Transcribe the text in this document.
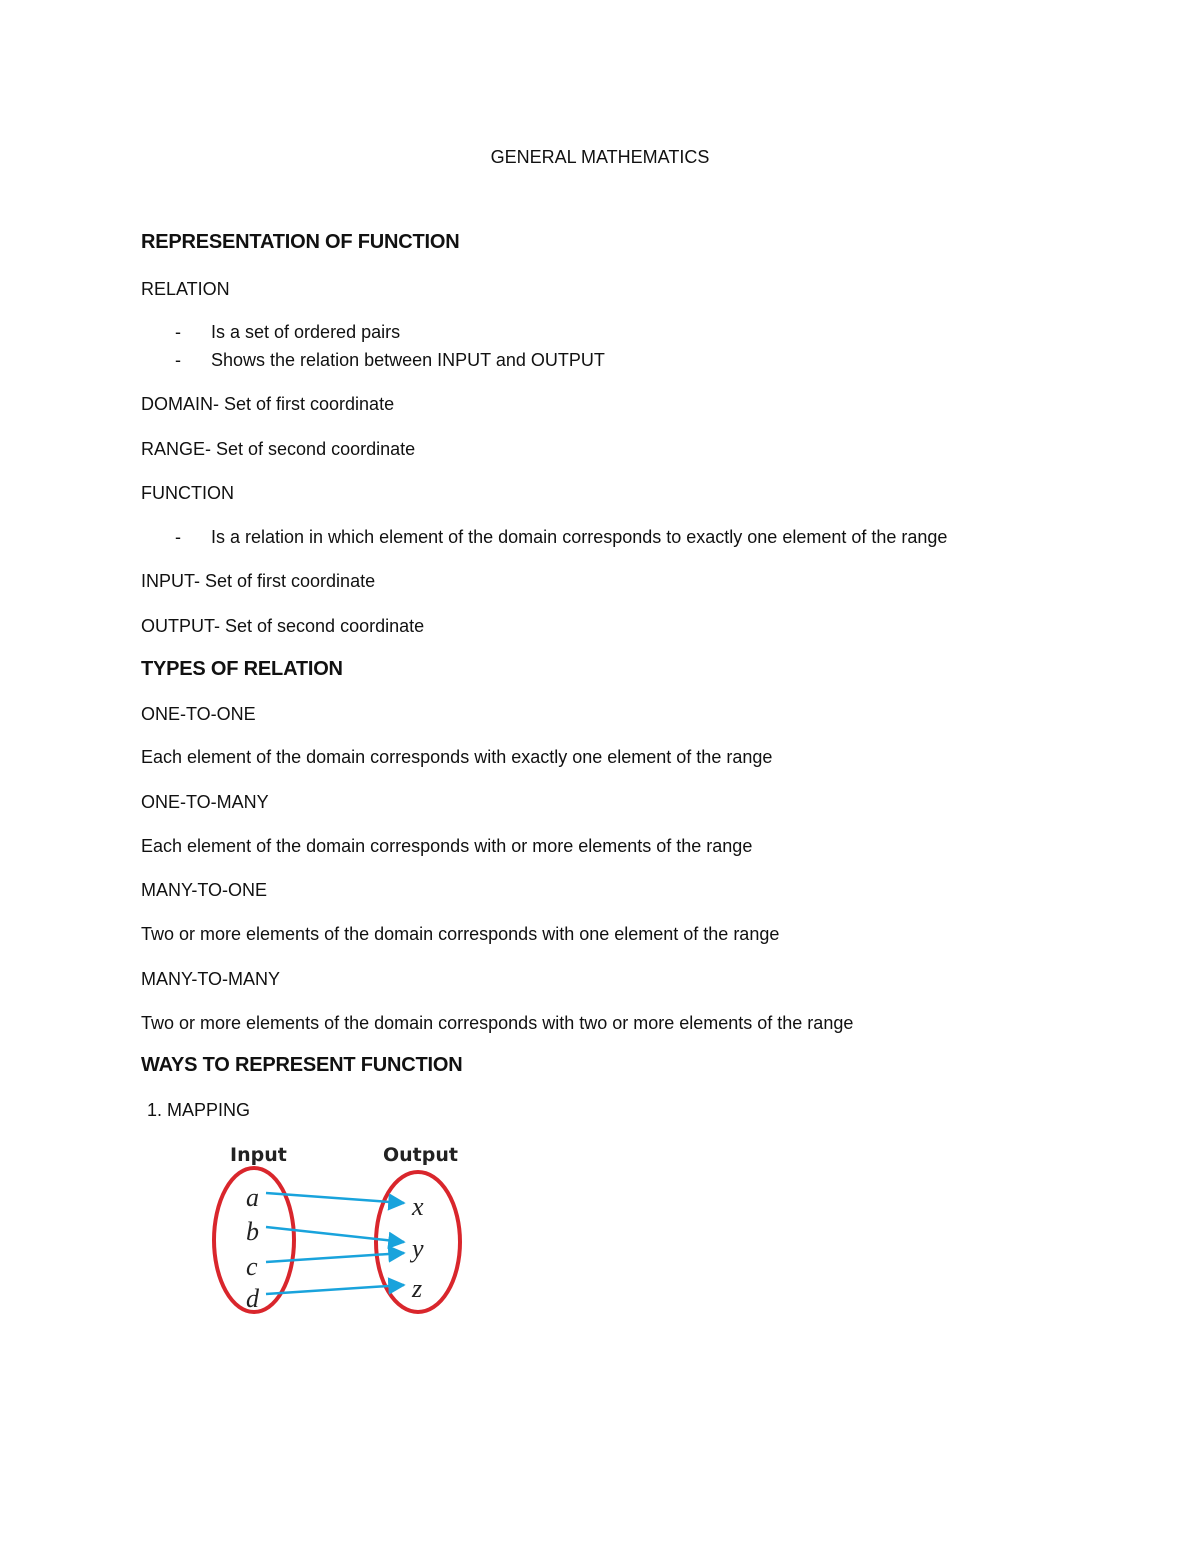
GENERAL MATHEMATICS
REPRESENTATION OF FUNCTION
RELATION
- Is a set of ordered pairs
- Shows the relation between INPUT and OUTPUT
DOMAIN- Set of first coordinate
RANGE- Set of second coordinate
FUNCTION
- Is a relation in which element of the domain corresponds to exactly one element of the range
INPUT- Set of first coordinate
OUTPUT- Set of second coordinate
TYPES OF RELATION
ONE-TO-ONE
Each element of the domain corresponds with exactly one element of the range
ONE-TO-MANY
Each element of the domain corresponds with or more elements of the range
MANY-TO-ONE
Two or more elements of the domain corresponds with one element of the range
MANY-TO-MANY
Two or more elements of the domain corresponds with two or more elements of the range
WAYS TO REPRESENT FUNCTION
1. MAPPING
Input	Output
a
b
c
d
x
y
z
